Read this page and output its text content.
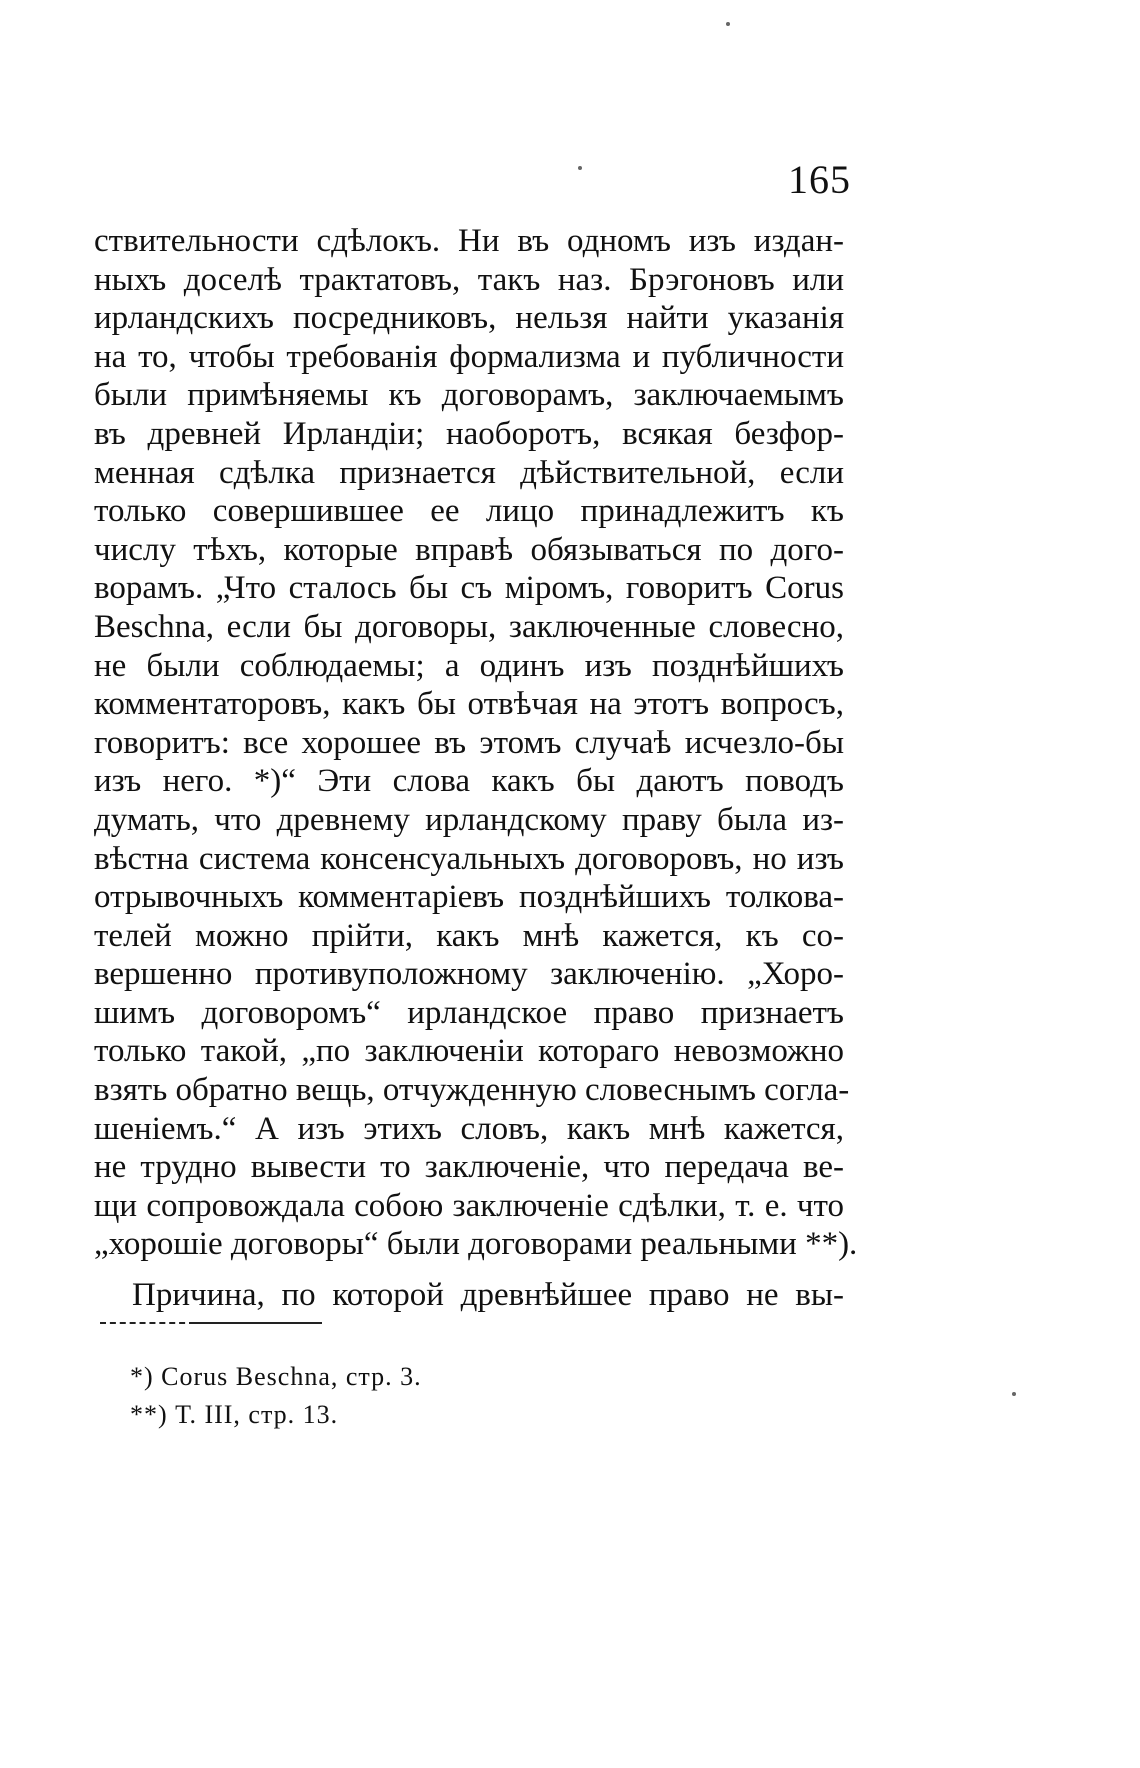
165
ствительности сдѣлокъ. Ни въ одномъ изъ издан-
ныхъ доселѣ трактатовъ, такъ наз. Брэгоновъ или
ирландскихъ посредниковъ, нельзя найти указанія
на то, чтобы требованія формализма и публичности
были примѣняемы къ договорамъ, заключаемымъ
въ древней Ирландіи; наоборотъ, всякая безфор-
менная сдѣлка признается дѣйствительной, если
только совершившее ее лицо принадлежитъ къ
числу тѣхъ, которые вправѣ обязываться по дого-
ворамъ. „Что сталось бы съ міромъ, говоритъ Corus
Beschna, если бы договоры, заключенные словесно,
не были соблюдаемы; а одинъ изъ позднѣйшихъ
комментаторовъ, какъ бы отвѣчая на этотъ вопросъ,
говоритъ: все хорошее въ этомъ случаѣ исчезло-бы
изъ него. *)“ Эти слова какъ бы даютъ поводъ
думать, что древнему ирландскому праву была из-
вѣстна система консенсуальныхъ договоровъ, но изъ
отрывочныхъ комментаріевъ позднѣйшихъ толкова-
телей можно прійти, какъ мнѣ кажется, къ со-
вершенно противуположному заключенію. „Хоро-
шимъ договоромъ“ ирландское право признаетъ
только такой, „по заключеніи котораго невозможно
взять обратно вещь, отчужденную словеснымъ согла-
шеніемъ.“ А изъ этихъ словъ, какъ мнѣ кажется,
не трудно вывести то заключеніе, что передача ве-
щи сопровождала собою заключеніе сдѣлки, т. е. что
„хорошіе договоры“ были договорами реальными **).
Причина, по которой древнѣйшее право не вы-
*) Corus Beschna, стр. 3.
**) Т. III, стр. 13.
